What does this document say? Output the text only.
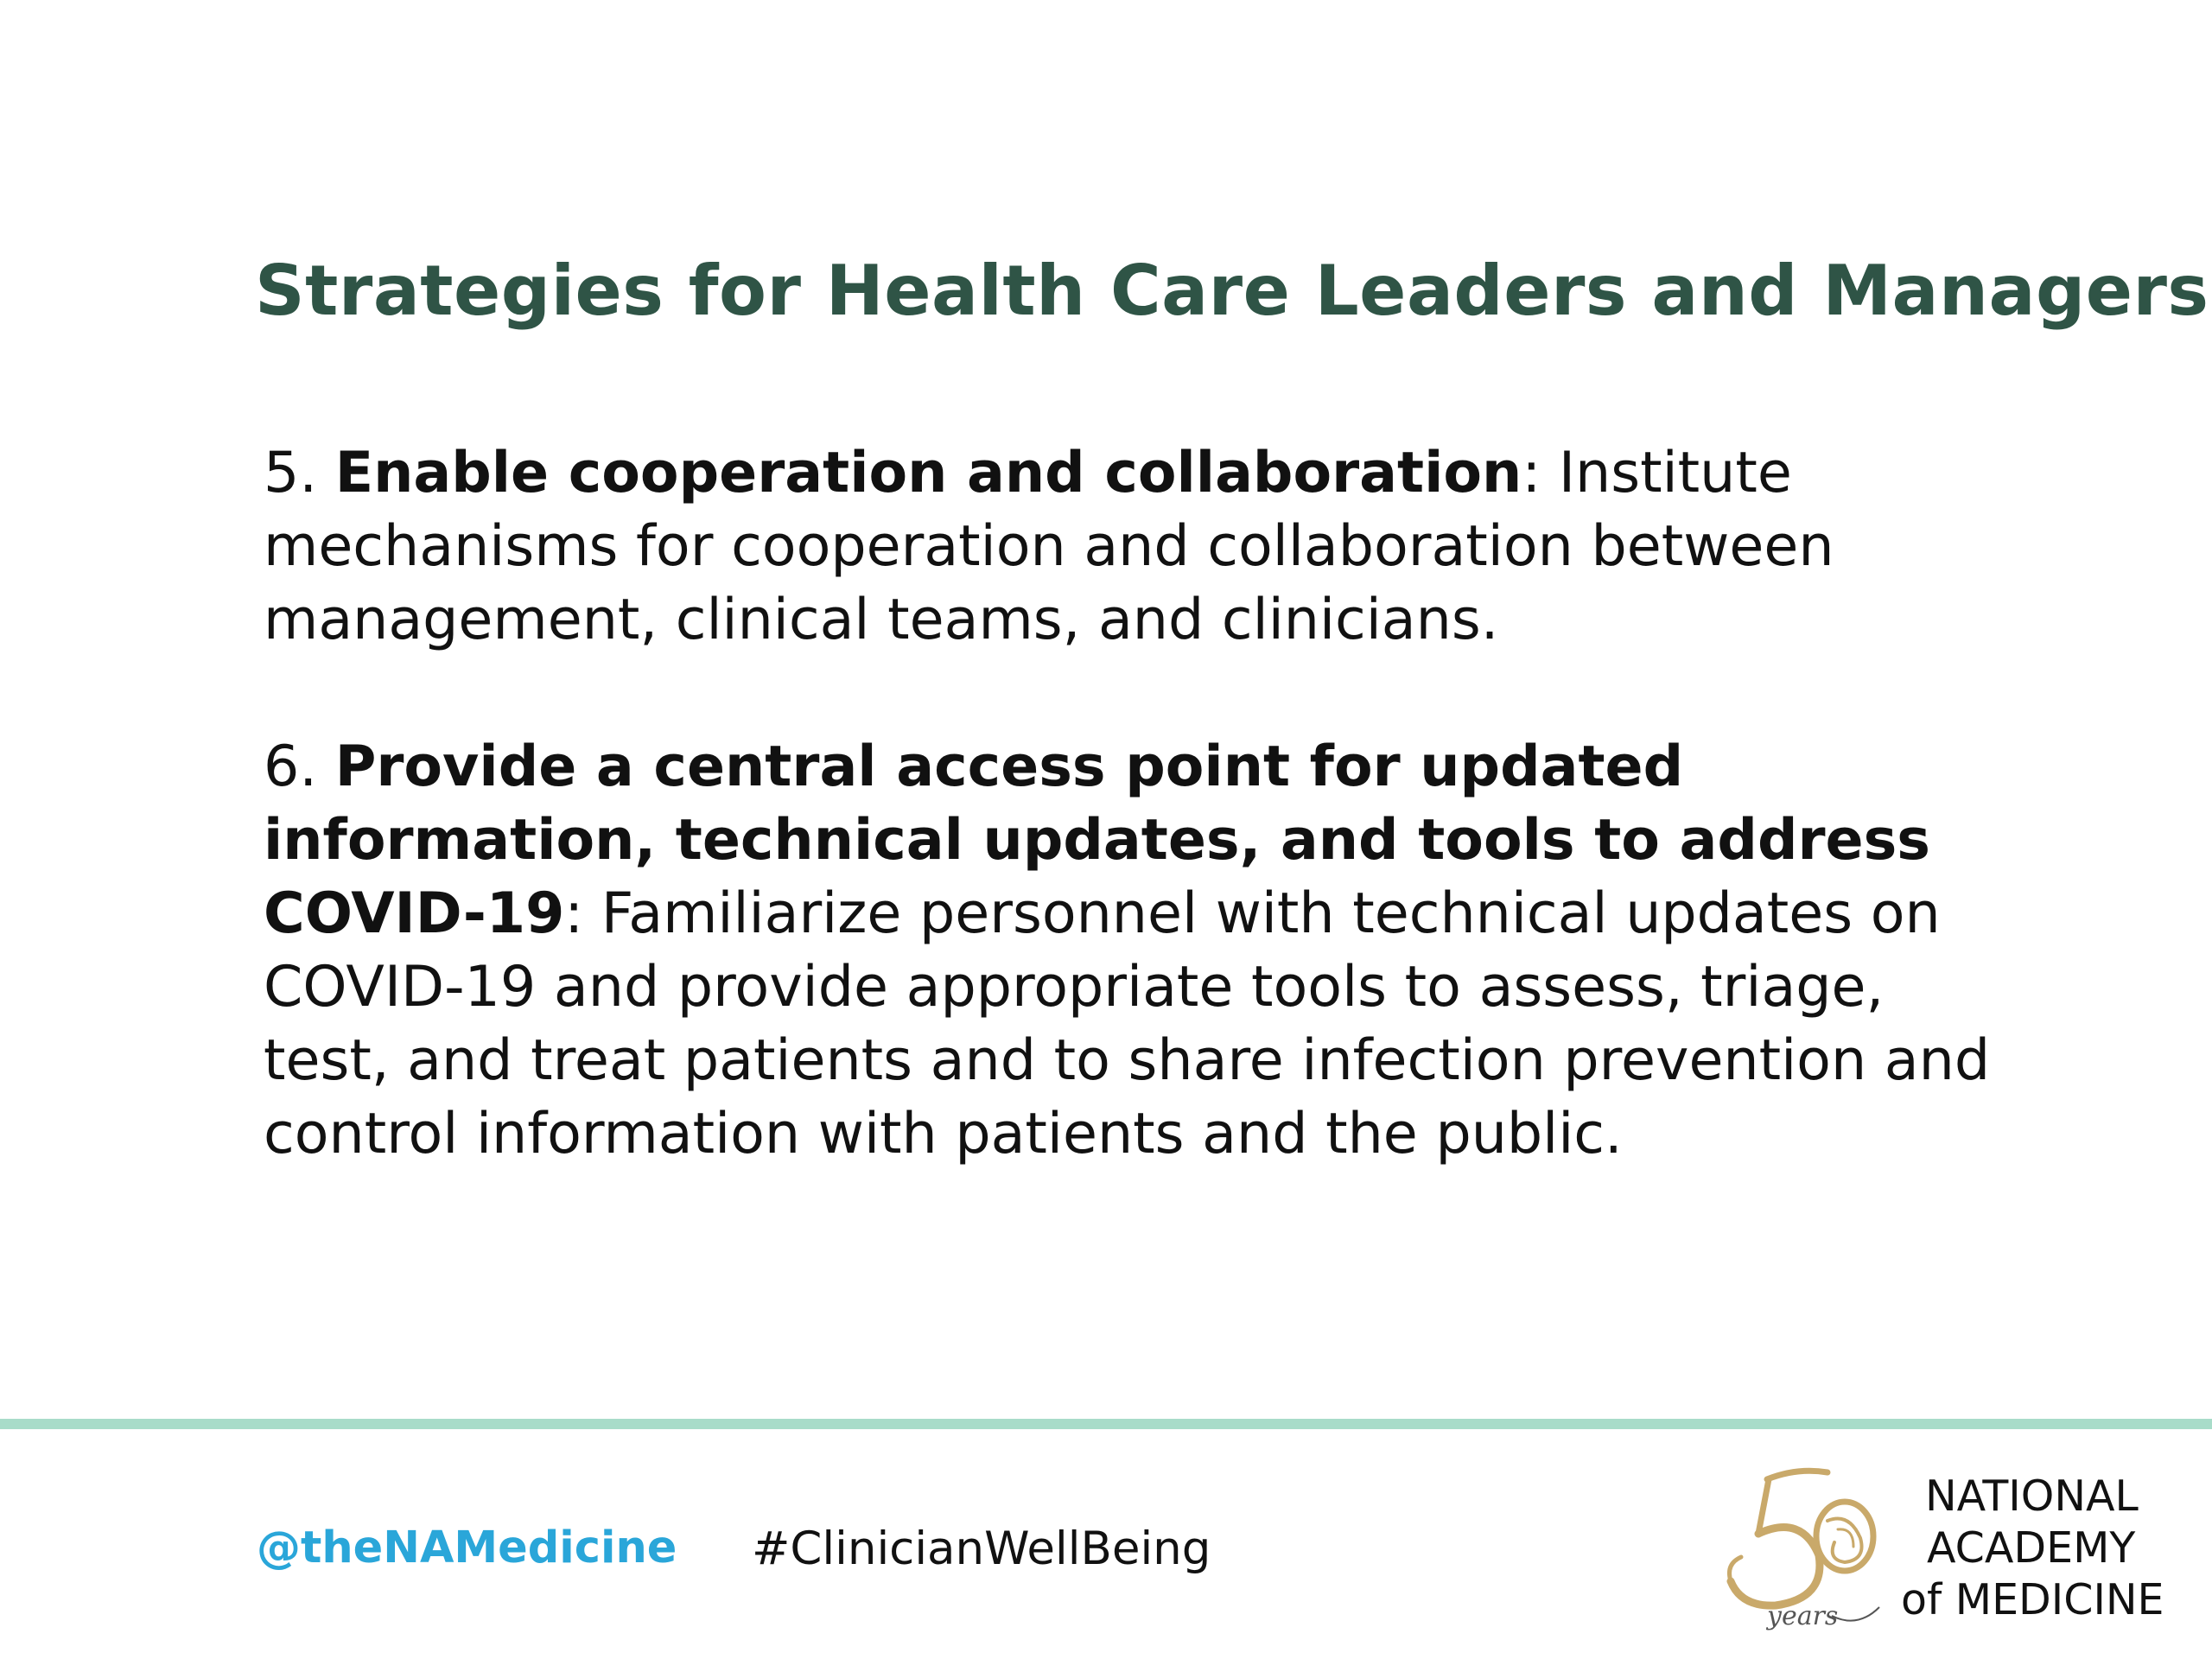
Strategies for Health Care Leaders and Managers

5. Enable cooperation and collaboration: Institute mechanisms for cooperation and collaboration between management, clinical teams, and clinicians.

6. Provide a central access point for updated information, technical updates, and tools to address COVID-19: Familiarize personnel with technical updates on COVID-19 and provide appropriate tools to assess, triage, test, and treat patients and to share infection prevention and control information with patients and the public.

@theNAMedicine #ClinicianWellBeing
years
NATIONAL
ACADEMY
of MEDICINE
